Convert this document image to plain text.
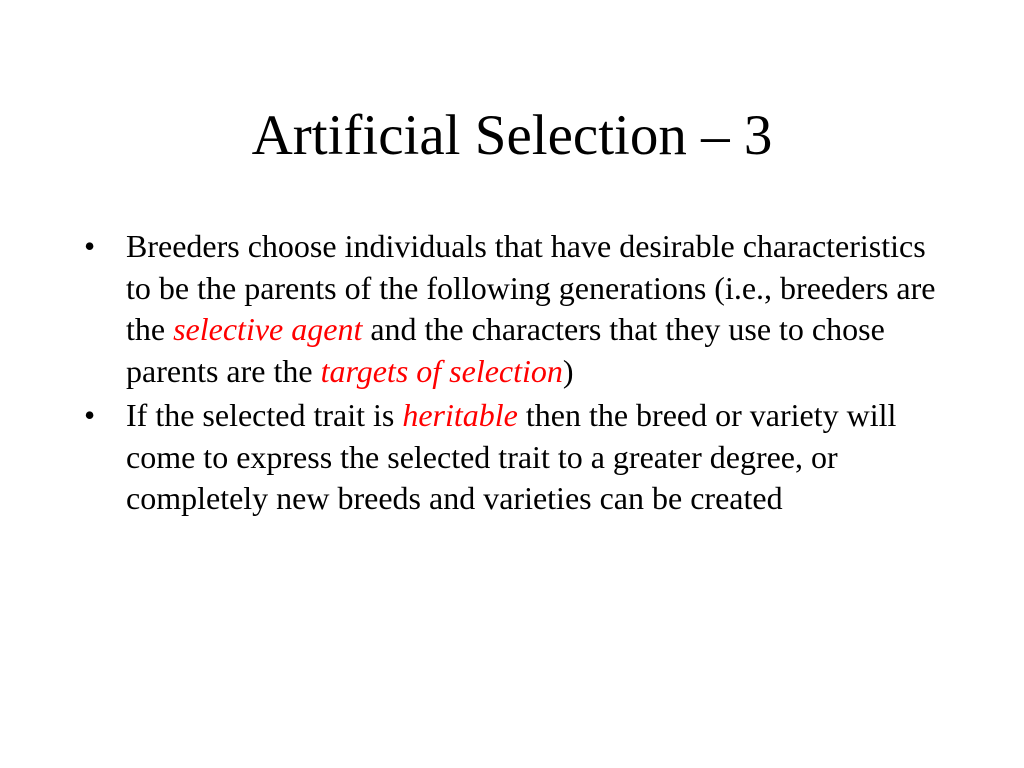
Artificial Selection – 3
• Breeders choose individuals that have desirable characteristics to be the parents of the following generations (i.e., breeders are the selective agent and the characters that they use to chose parents are the targets of selection)
• If the selected trait is heritable then the breed or variety will come to express the selected trait to a greater degree, or completely new breeds and varieties can be created
